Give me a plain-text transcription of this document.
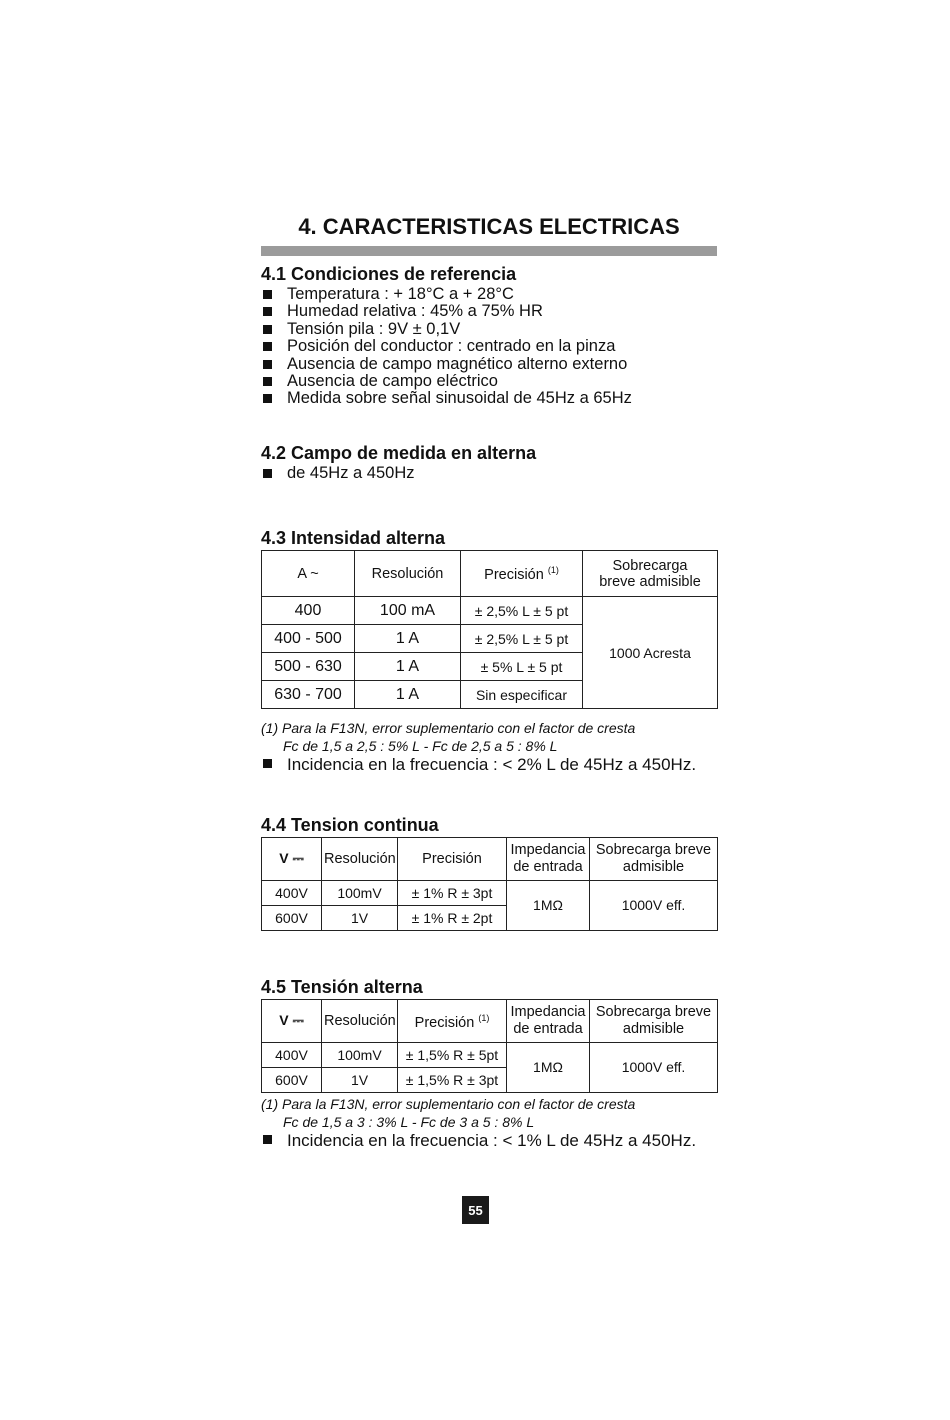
4. CARACTERISTICAS ELECTRICAS
4.1 Condiciones de referencia
Temperatura : + 18°C a + 28°C
Humedad relativa : 45% a 75% HR
Tensión pila : 9V ± 0,1V
Posición del conductor : centrado en la pinza
Ausencia de campo magnético alterno externo
Ausencia de campo eléctrico
Medida sobre señal sinusoidal de 45Hz a 65Hz
4.2 Campo de medida en alterna
de 45Hz a 450Hz
4.3 Intensidad alterna
A ~	Resolución	Precisión $^{(1)}$	Sobrecarga
breve admisible
400	100 mA	± 2,5% L ± 5 pt	1000 Acresta
400 - 500	1 A	± 2,5% L ± 5 pt	
500 - 630	1 A	± 5% L ± 5 pt	
630 - 700	1 A	Sin especificar	
(1) Para la F13N, error suplementario con el factor de cresta
Fc de 1,5 a 2,5 : 5% L - Fc de 2,5 a 5 : 8% L
Incidencia en la frecuencia : < 2% L de 45Hz a 450Hz.
4.4 Tension continua
V ⎓	Resolución	Precisión	Impedancia
de entrada	Sobrecarga breve
admisible
400V	100mV	± 1% R ± 3pt	1MΩ	1000V eff.
600V	1V	± 1% R ± 2pt		
4.5 Tensión alterna
V ⎓	Resolución	Precisión $^{(1)}$	Impedancia
de entrada	Sobrecarga breve
admisible
400V	100mV	± 1,5% R ± 5pt	1MΩ	1000V eff.
600V	1V	± 1,5% R ± 3pt		
(1) Para la F13N, error suplementario con el factor de cresta
Fc de 1,5 a 3 : 3% L - Fc de 3 a 5 : 8% L
Incidencia en la frecuencia : < 1% L de 45Hz a 450Hz.
55
